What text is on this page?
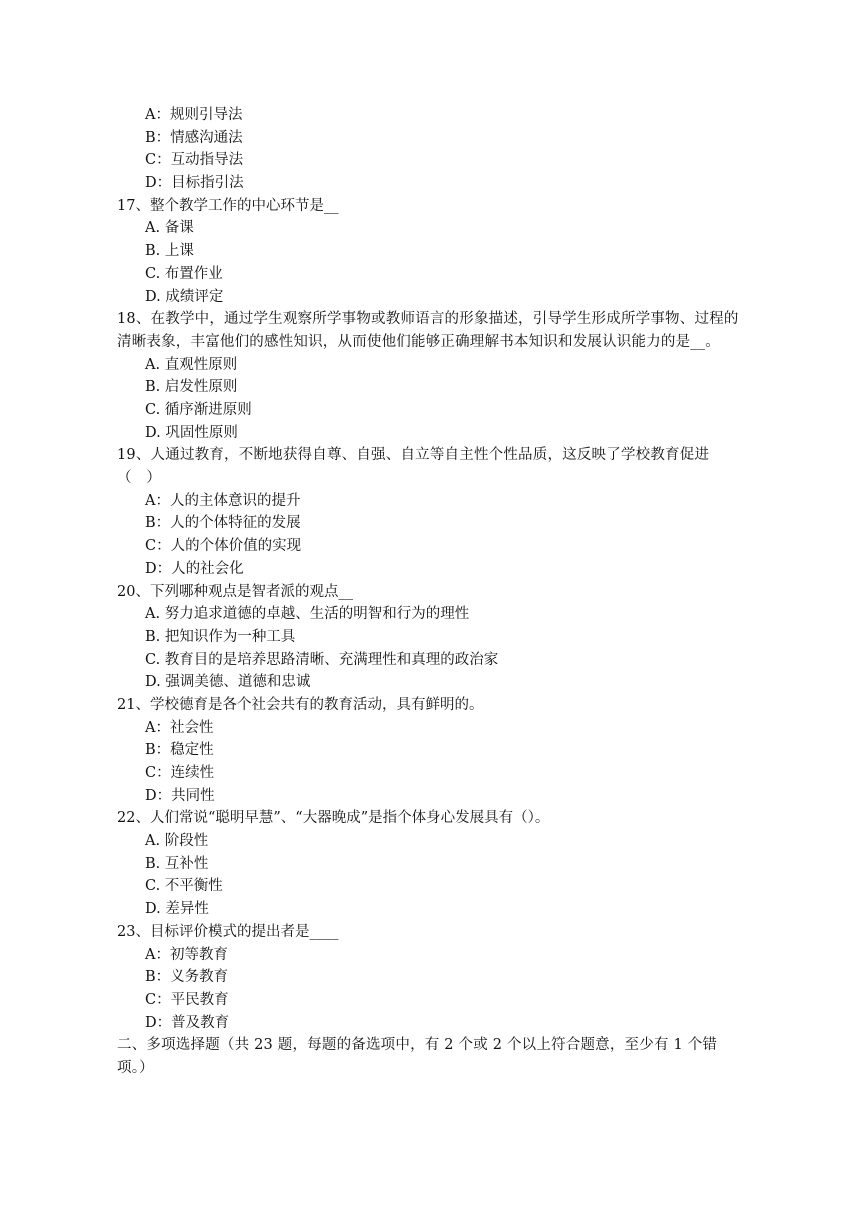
A：规则引导法
B：情感沟通法
C：互动指导法
D：目标指引法

17、整个教学工作的中心环节是__

A. 备课
B. 上课
C. 布置作业
D. 成绩评定

18、在教学中，通过学生观察所学事物或教师语言的形象描述，引导学生形成所学事物、过程的清晰表象，丰富他们的感性知识，从而使他们能够正确理解书本知识和发展认识能力的是__。

A. 直观性原则
B. 启发性原则
C. 循序渐进原则
D. 巩固性原则

19、人通过教育，不断地获得自尊、自强、自立等自主性个性品质，这反映了学校教育促进（　）

A：人的主体意识的提升
B：人的个体特征的发展
C：人的个体价值的实现
D：人的社会化

20、下列哪种观点是智者派的观点__

A. 努力追求道德的卓越、生活的明智和行为的理性
B. 把知识作为一种工具
C. 教育目的是培养思路清晰、充满理性和真理的政治家
D. 强调美德、道德和忠诚

21、学校德育是各个社会共有的教育活动，具有鲜明的。

A：社会性
B：稳定性
C：连续性
D：共同性

22、人们常说“聪明早慧”、“大器晚成”是指个体身心发展具有（）。

A. 阶段性
B. 互补性
C. 不平衡性
D. 差异性

23、目标评价模式的提出者是____

A：初等教育
B：义务教育
C：平民教育
D：普及教育

二、多项选择题（共 23 题，每题的备选项中，有 2 个或 2 个以上符合题意，至少有 1 个错项。）
